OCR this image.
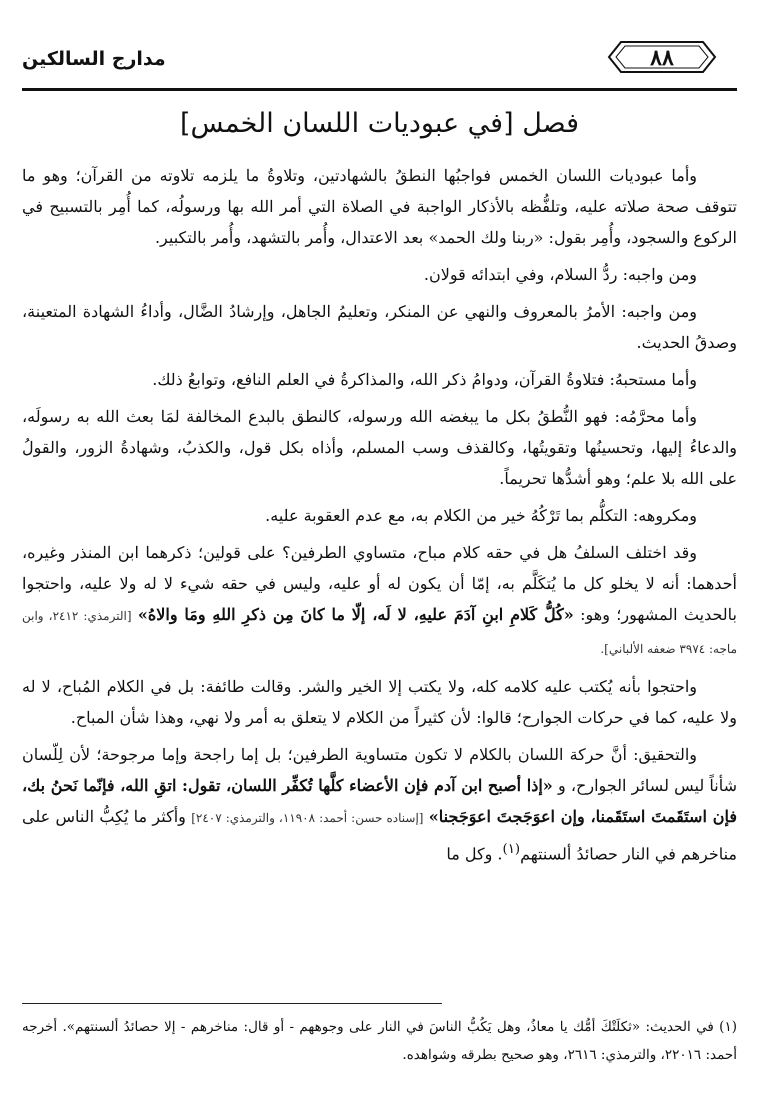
٨٨
مدارج السالكين
فصل [في عبوديات اللسان الخمس]

وأما عبوديات اللسان الخمس فواجبُها النطقُ بالشهادتين، وتلاوةُ ما يلزمه تلاوته من القرآن؛ وهو ما تتوقف صحة صلاته عليه، وتلفُّظه بالأذكار الواجبة في الصلاة التي أمر الله بها ورسولُه، كما أُمِر بالتسبيح في الركوع والسجود، وأُمِر بقول: «ربنا ولك الحمد» بعد الاعتدال، وأُمر بالتشهد، وأُمر بالتكبير.

ومن واجبه: ردُّ السلام، وفي ابتدائه قولان.

ومن واجبه: الأمرُ بالمعروف والنهي عن المنكر، وتعليمُ الجاهل، وإرشادُ الضَّال، وأداءُ الشهادة المتعينة، وصدقُ الحديث.

وأما مستحبهُ: فتلاوةُ القرآن، ودوامُ ذكر الله، والمذاكرةُ في العلم النافع، وتوابعُ ذلك.

وأما محرَّمُه: فهو النُّطقُ بكل ما يبغضه الله ورسوله، كالنطق بالبدع المخالفة لمَا بعث الله به رسولَه، والدعاءُ إليها، وتحسينُها وتقويتُها، وكالقذف وسب المسلم، وأذاه بكل قول، والكذبُ، وشهادةُ الزور، والقولُ على الله بلا علم؛ وهو أشدُّها تحريماً.

ومكروهه: التكلُّم بما تَرْكُهُ خير من الكلام به، مع عدم العقوبة عليه.

وقد اختلف السلفُ هل في حقه كلام مباح، متساوي الطرفين؟ على قولين؛ ذكرهما ابن المنذر وغيره، أحدهما: أنه لا يخلو كل ما يُتكَلَّم به، إمّا أن يكون له أو عليه، وليس في حقه شيء لا له ولا عليه، واحتجوا بالحديث المشهور؛ وهو: «كُلُّ كَلامِ ابنِ آدَمَ عليهِ، لا لَه، إلّا ما كانَ مِن ذكرِ اللهِ ومَا والاهُ» [الترمذي: ٢٤١٢، وابن ماجه: ٣٩٧٤ ضعفه الألباني].

واحتجوا بأنه يُكتب عليه كلامه كله، ولا يكتب إلا الخير والشر. وقالت طائفة: بل في الكلام المُباح، لا له ولا عليه، كما في حركات الجوارح؛ قالوا: لأن كثيراً من الكلام لا يتعلق به أمر ولا نهي، وهذا شأن المباح.

والتحقيق: أنَّ حركة اللسان بالكلام لا تكون متساوية الطرفين؛ بل إما راجحة وإما مرجوحة؛ لأن لِلّسان شأناً ليس لسائر الجوارح، و «إذا أصبح ابن آدم فإن الأعضاء كلَّها تُكفِّر اللسان، تقول: اتقِ الله، فإنّما نَحنُ بك، فإن استَقَمتَ استَقَمنا، وإن اعوَجَجتَ اعوَجَجنا» [إسناده حسن: أحمد: ١١٩٠٨، والترمذي: ٢٤٠٧] وأكثر ما يُكِبُّ الناس على مناخرهم في النار حصائدُ ألسنتهم$^{(١)}$. وكل ما

(١) في الحديث: «ثكلَتْكَ أمُّك يا معاذُ، وهل يَكُبُّ الناسَ في النار على وجوههم - أو قال: مناخرهم - إلا حصائدُ ألسنتهم». أخرجه أحمد: ٢٢٠١٦، والترمذي: ٢٦١٦، وهو صحيح بطرقه وشواهده.
